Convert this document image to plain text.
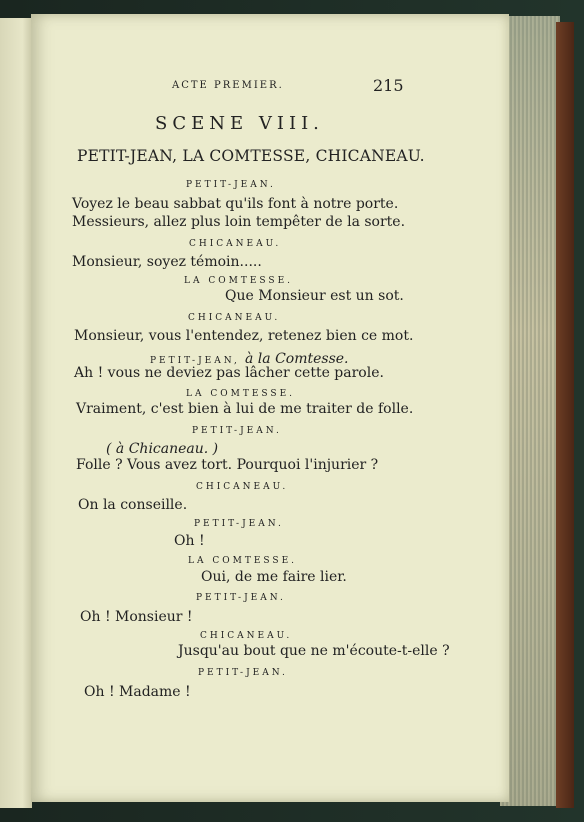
ACTE PREMIER.	215
SCENE VIII.
PETIT-JEAN, LA COMTESSE, CHICANEAU.
PETIT-JEAN.
Voyez le beau sabbat qu'ils font à notre porte.
Messieurs, allez plus loin tempêter de la sorte.
CHICANEAU.
Monsieur, soyez témoin.....
LA COMTESSE.
Que Monsieur est un sot.
CHICANEAU.
Monsieur, vous l'entendez, retenez bien ce mot.
PETIT-JEAN, à la Comtesse.
Ah ! vous ne deviez pas lâcher cette parole.
LA COMTESSE.
Vraiment, c'est bien à lui de me traiter de folle.
PETIT-JEAN.
( à Chicaneau. )
Folle ? Vous avez tort. Pourquoi l'injurier ?
CHICANEAU.
On la conseille.
PETIT-JEAN.
Oh !
LA COMTESSE.
Oui, de me faire lier.
PETIT-JEAN.
Oh ! Monsieur !
CHICANEAU.
Jusqu'au bout que ne m'écoute-t-elle ?
PETIT-JEAN.
Oh ! Madame !
